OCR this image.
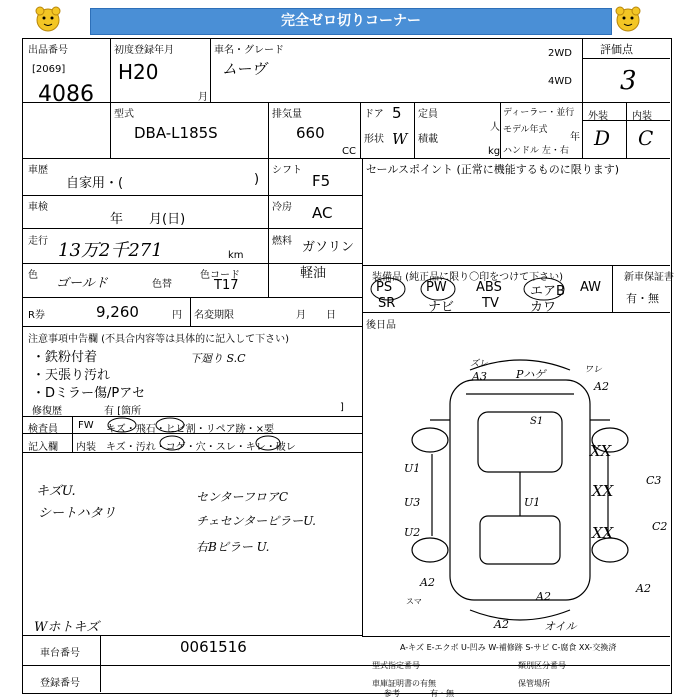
完全ゼロ切りコーナー
出品番号
[2069]
4086
初度登録年月
H20
月
車名・グレード
ムーヴ
2WD
4WD
評価点
3
型式
DBA-L185S
排気量
660
CC
ドア 5
形状 W
定員
人
積載
kg
ディーラー・並行
モデル年式
年
ハンドル 左・右
外装 内装
D C
車歴
自家用・(	)
シフト
F5
セールスポイント (正常に機能するものに限ります)
車検
年　　月(日)
冷房 AC
走行 13万2千271	km
燃料 ガソリン
軽油
色
ゴールド	色替
色コード
T17
装備品 (純正品に限り〇印をつけて下さい)	新車保証書
有・無
PS	PW ABS エアB AW
SR	ナビ TV カワ
R券	9,260	円 名変期限	月　　日
後日品
注意事項中告欄 (不具合内容等は具体的に記入して下さい)
・鉄粉付着
・天張り汚れ
・Dミラー傷/Pアセ
下廻り S.C
修復歴	有 [箇所	]
検査員
記入欄
FW キズ・飛石・ヒビ割・リペア跡・×要
内装 キズ・汚れ・コゲ・穴・スレ・キレ・破レ
キズU.
シートハタリ
センターフロアC
チェセンターピラーU.
右Bピラー U.
Wホトキズ
車台番号	0061516
登録番号
ズレ
A3	Pハゲ	ワレ
A2
S1
U1
U3
U2
U1
XX
XX
XX
C3
C2
A2
スマ	A2
A2	オイル
A2
A-キズ E-エクボ U-凹み W-補修跡 S-サビ C-腐食 XX-交換済
型式指定番号	類別区分番号
車庫証明書の有無	保管場所
参考	有・無
